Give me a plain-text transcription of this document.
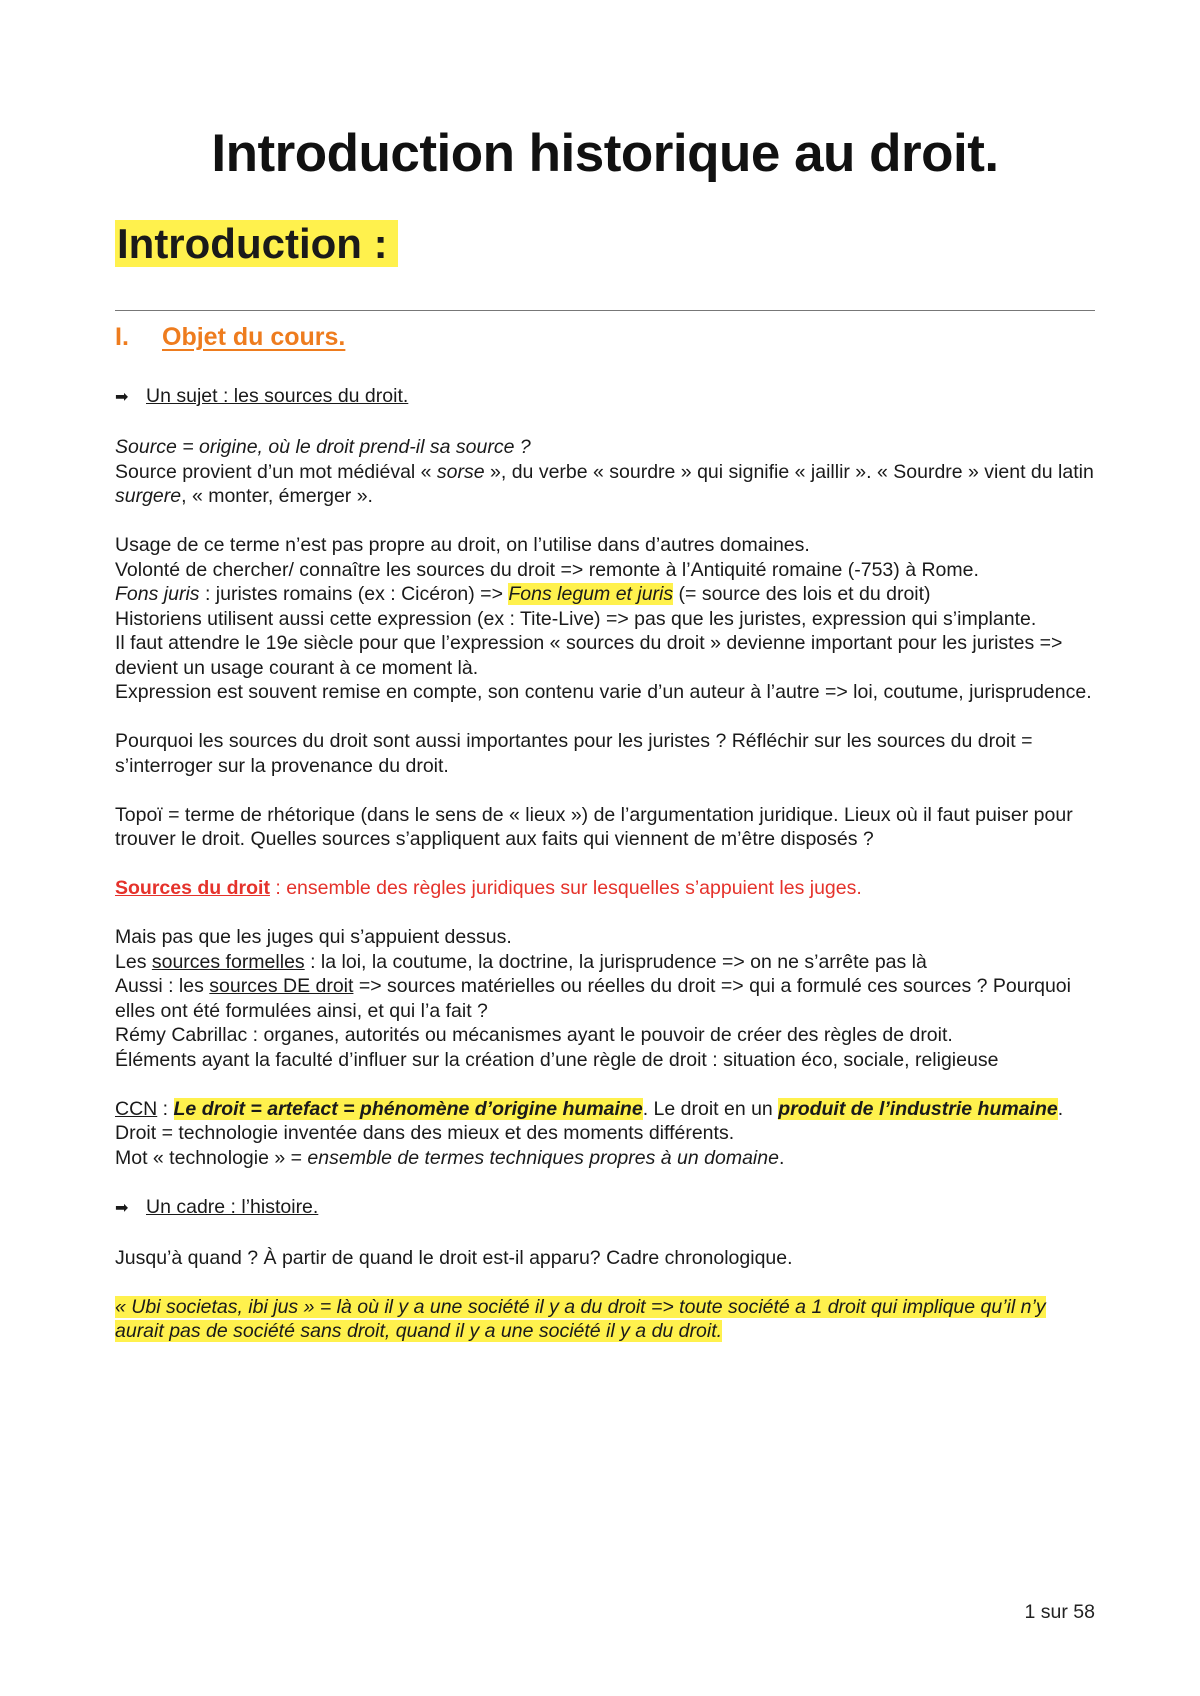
Introduction historique au droit.
Introduction :
I. Objet du cours.
➡ Un sujet : les sources du droit.

Source = origine, où le droit prend-il sa source ?
Source provient d’un mot médiéval « sorse », du verbe « sourdre » qui signifie « jaillir ». « Sourdre » vient du latin surgere, « monter, émerger ».

Usage de ce terme n’est pas propre au droit, on l’utilise dans d’autres domaines.
Volonté de chercher/ connaître les sources du droit => remonte à l’Antiquité romaine (-753) à Rome.
Fons juris : juristes romains (ex : Cicéron) => Fons legum et juris (= source des lois et du droit)
Historiens utilisent aussi cette expression (ex : Tite-Live) => pas que les juristes, expression qui s’implante.
Il faut attendre le 19e siècle pour que l’expression « sources du droit » devienne important pour les juristes => devient un usage courant à ce moment là.
Expression est souvent remise en compte, son contenu varie d’un auteur à l’autre => loi, coutume, jurisprudence.

Pourquoi les sources du droit sont aussi importantes pour les juristes ? Réfléchir sur les sources du droit = s’interroger sur la provenance du droit.

Topoï = terme de rhétorique (dans le sens de « lieux ») de l’argumentation juridique. Lieux où il faut puiser pour trouver le droit. Quelles sources s’appliquent aux faits qui viennent de m’être disposés ?

Sources du droit : ensemble des règles juridiques sur lesquelles s’appuient les juges.

Mais pas que les juges qui s’appuient dessus.
Les sources formelles : la loi, la coutume, la doctrine, la jurisprudence => on ne s’arrête pas là
Aussi : les sources DE droit => sources matérielles ou réelles du droit => qui a formulé ces sources ? Pourquoi elles ont été formulées ainsi, et qui l’a fait ?
Rémy Cabrillac : organes, autorités ou mécanismes ayant le pouvoir de créer des règles de droit.
Éléments ayant la faculté d’influer sur la création d’une règle de droit : situation éco, sociale, religieuse

CCN : Le droit = artefact = phénomène d’origine humaine. Le droit en un produit de l’industrie humaine.
Droit = technologie inventée dans des mieux et des moments différents.
Mot « technologie » = ensemble de termes techniques propres à un domaine.

➡ Un cadre : l’histoire.

Jusqu’à quand ? À partir de quand le droit est-il apparu? Cadre chronologique.

« Ubi societas, ibi jus » = là où il y a une société il y a du droit => toute société a 1 droit qui implique qu’il n’y aurait pas de société sans droit, quand il y a une société il y a du droit.

1 sur 58
